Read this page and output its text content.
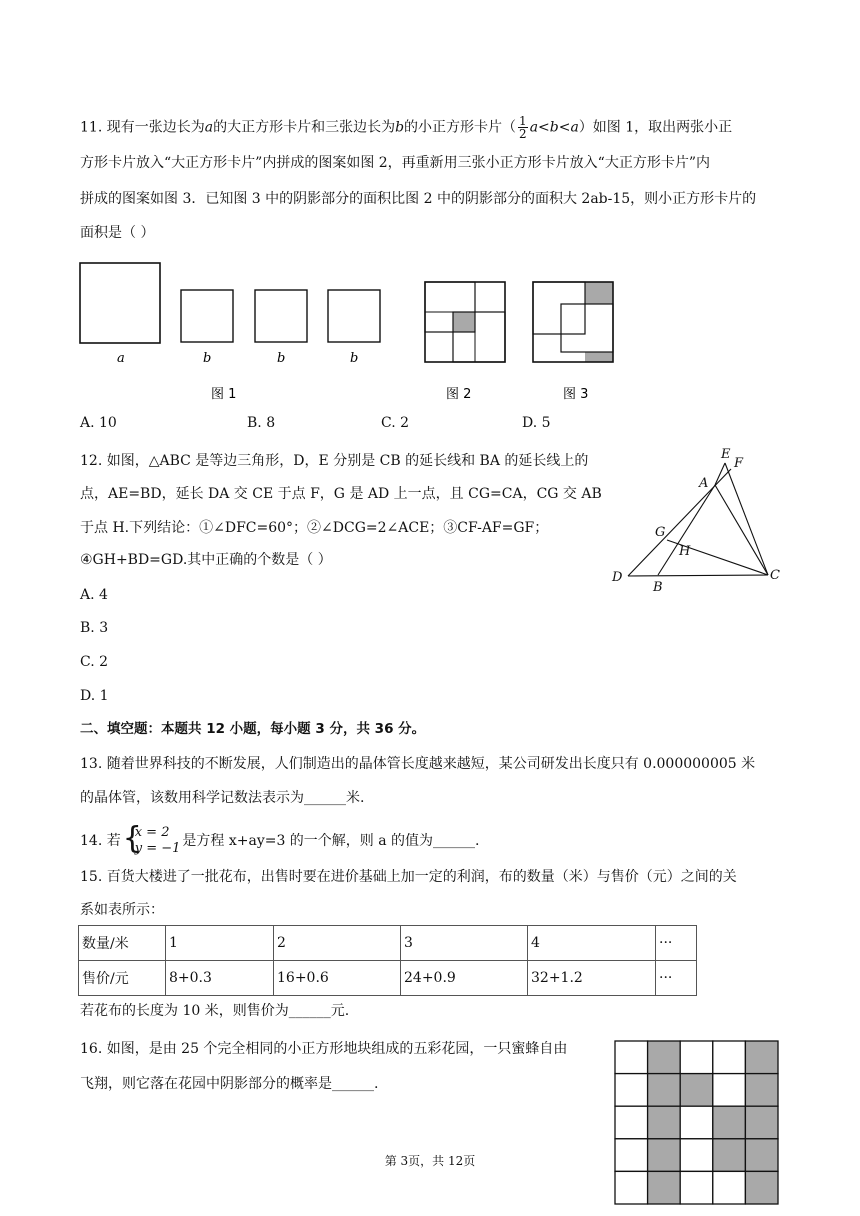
11. 现有一张边长为a的大正方形卡片和三张边长为b的小正方形卡片（ $\frac{1}{2} a<b<a$）如图 1，取出两张小正
方形卡片放入“大正方形卡片”内拼成的图案如图 2，再重新用三张小正方形卡片放入“大正方形卡片”内
拼成的图案如图 3．已知图 3 中的阴影部分的面积比图 2 中的阴影部分的面积大 2ab-15，则小正方形卡片的
面积是（ ）
a	b	b	b
图 1	图 2	图 3
A. 10	B. 8	C. 2	D. 5
12. 如图，△ABC 是等边三角形，D，E 分别是 CB 的延长线和 BA 的延长线上的
点，AE=BD，延长 DA 交 CE 于点 F，G 是 AD 上一点，且 CG=CA，CG 交 AB
于点 H.下列结论：①∠DFC=60°；②∠DCG=2∠ACE；③CF-AF=GF；
④GH+BD=GD.其中正确的个数是（ ）
A. 4
B. 3
C. 2
D. 1
E
F
A
G
H
D
B
C
二、填空题：本题共 12 小题，每小题 3 分，共 36 分。
13. 随着世界科技的不断发展，人们制造出的晶体管长度越来越短，某公司研发出长度只有 0.000000005 米
的晶体管，该数用科学记数法表示为______米.
14. 若 {
x = 2
y = −1 是方程 x+ay=3 的一个解，则 a 的值为______.
15. 百货大楼进了一批花布，出售时要在进价基础上加一定的利润，布的数量（米）与售价（元）之间的关
系如表所示：
数量/米	1	2	3	4	···
售价/元	8+0.3	16+0.6	24+0.9	32+1.2	···
若花布的长度为 10 米，则售价为______元.
16. 如图，是由 25 个完全相同的小正方形地块组成的五彩花园，一只蜜蜂自由
飞翔，则它落在花园中阴影部分的概率是______.
第 3页，共 12页
